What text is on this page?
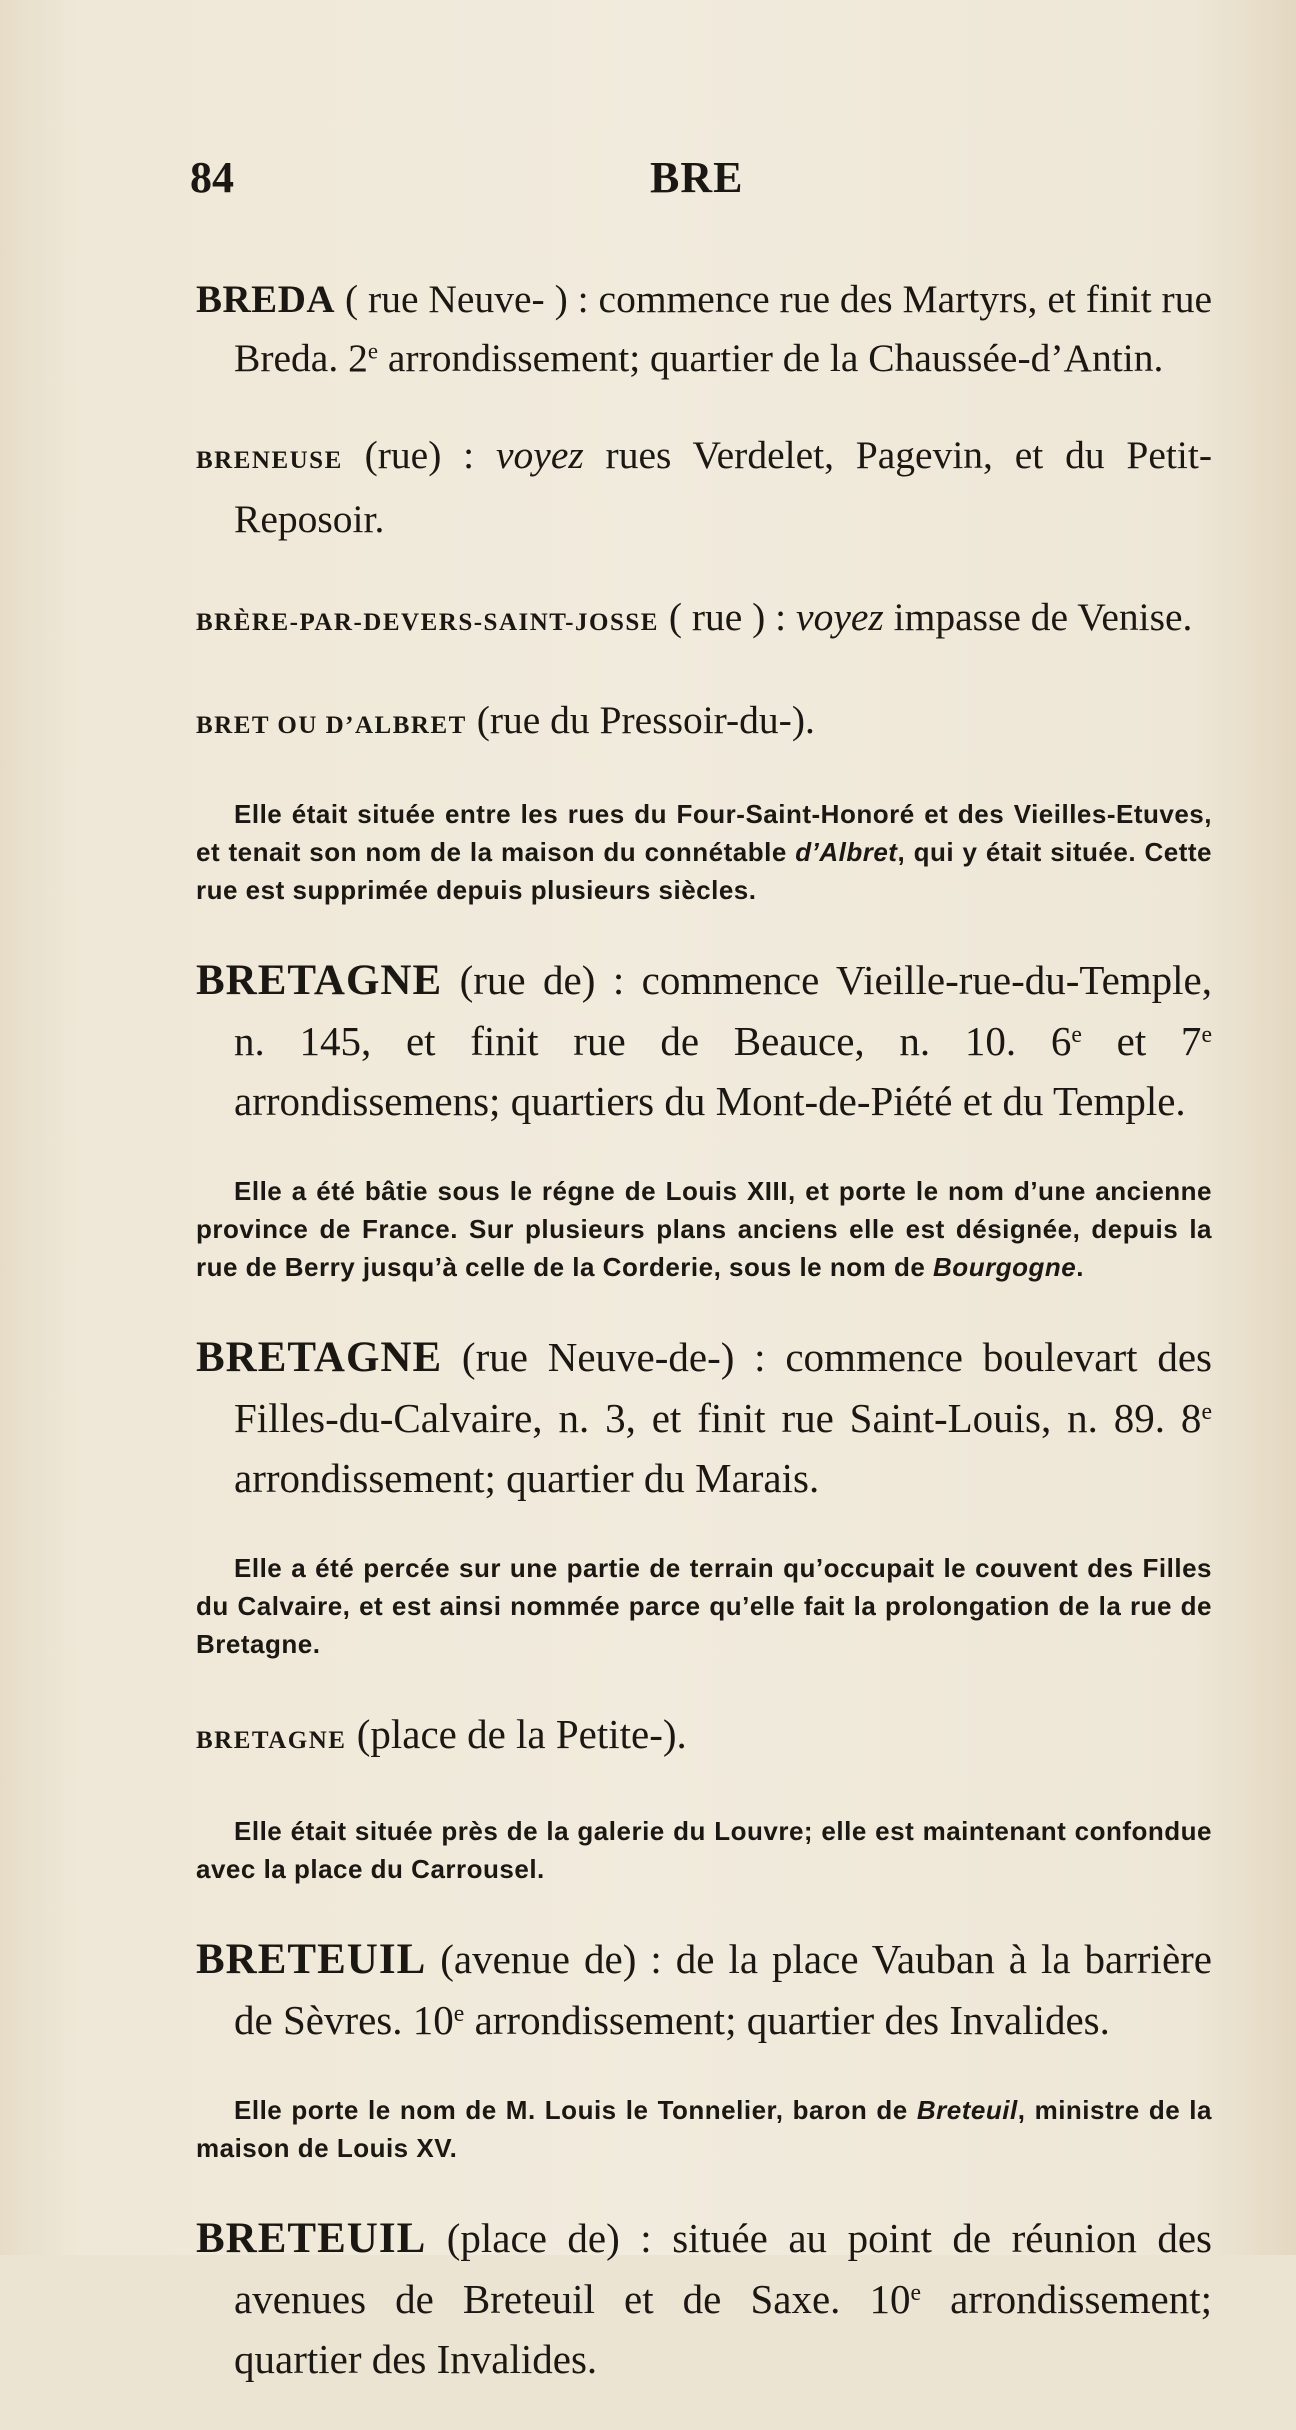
84	BRE

BREDA ( rue Neuve- ) : commence rue des Martyrs, et finit rue Breda. 2e arrondissement; quartier de la Chaussée-d’Antin.

BRENEUSE (rue) : voyez rues Verdelet, Pagevin, et du Petit-Reposoir.

BRÈRE-PAR-DEVERS-SAINT-JOSSE ( rue ) : voyez impasse de Venise.

BRET OU D’ALBRET (rue du Pressoir-du-).

Elle était située entre les rues du Four-Saint-Honoré et des Vieilles-Etuves, et tenait son nom de la maison du connétable d’Albret, qui y était située. Cette rue est supprimée depuis plusieurs siècles.

BRETAGNE (rue de) : commence Vieille-rue-du-Temple, n. 145, et finit rue de Beauce, n. 10. 6e et 7e arrondissemens; quartiers du Mont-de-Piété et du Temple.

Elle a été bâtie sous le régne de Louis XIII, et porte le nom d’une ancienne province de France. Sur plusieurs plans anciens elle est désignée, depuis la rue de Berry jusqu’à celle de la Corderie, sous le nom de Bourgogne.

BRETAGNE (rue Neuve-de-) : commence boulevart des Filles-du-Calvaire, n. 3, et finit rue Saint-Louis, n. 89. 8e arrondissement; quartier du Marais.

Elle a été percée sur une partie de terrain qu’occupait le couvent des Filles du Calvaire, et est ainsi nommée parce qu’elle fait la prolongation de la rue de Bretagne.

BRETAGNE (place de la Petite-).

Elle était située près de la galerie du Louvre; elle est maintenant confondue avec la place du Carrousel.

BRETEUIL (avenue de) : de la place Vauban à la barrière de Sèvres. 10e arrondissement; quartier des Invalides.

Elle porte le nom de M. Louis le Tonnelier, baron de Breteuil, ministre de la maison de Louis XV.

BRETEUIL (place de) : située au point de réunion des avenues de Breteuil et de Saxe. 10e arrondissement; quartier des Invalides.
